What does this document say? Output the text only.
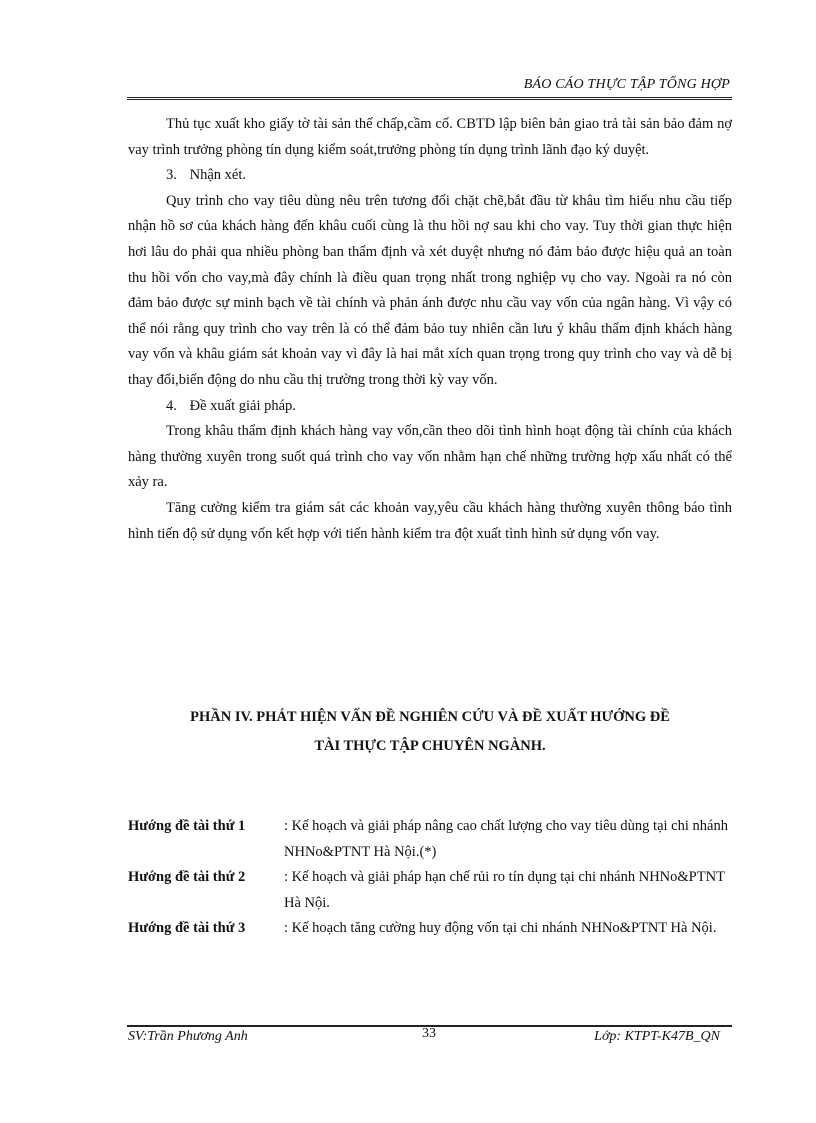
BÁO CÁO THỰC TẬP TỔNG HỢP

Thủ tục xuất kho giấy tờ tài sản thế chấp,cầm cố. CBTD lập biên bản giao trả tài sản bảo đảm nợ vay trình trưởng phòng tín dụng kiểm soát,trưởng phòng tín dụng trình lãnh đạo ký duyệt.

3. Nhận xét.

Quy trình cho vay tiêu dùng nêu trên tương đối chặt chẽ,bắt đầu từ khâu tìm hiểu nhu cầu tiếp nhận hồ sơ của khách hàng đến khâu cuối cùng là thu hồi nợ sau khi cho vay. Tuy thời gian thực hiện hơi lâu do phải qua nhiều phòng ban thẩm định và xét duyệt nhưng nó đảm bảo được hiệu quả an toàn thu hồi vốn cho vay,mà đây chính là điều quan trọng nhất trong nghiệp vụ cho vay. Ngoài ra nó còn đảm bảo được sự minh bạch về tài chính và phản ánh được nhu cầu vay vốn của ngân hàng. Vì vậy có thể nói rằng quy trình cho vay trên là có thể đảm bảo tuy nhiên cần lưu ý khâu thẩm định khách hàng vay vốn và khâu giám sát khoản vay vì đây là hai mắt xích quan trọng trong quy trình cho vay và dễ bị thay đổi,biến động do nhu cầu thị trường trong thời kỳ vay vốn.

4. Đề xuất giải pháp.

Trong khâu thẩm định khách hàng vay vốn,cần theo dõi tình hình hoạt động tài chính của khách hàng thường xuyên trong suốt quá trình cho vay vốn nhằm hạn chế những trường hợp xấu nhất có thể xảy ra.

Tăng cường kiểm tra giám sát các khoản vay,yêu cầu khách hàng thường xuyên thông báo tình hình tiến độ sử dụng vốn kết hợp với tiến hành kiểm tra đột xuất tình hình sử dụng vốn vay.

PHẦN IV. PHÁT HIỆN VẤN ĐỀ NGHIÊN CỨU VÀ ĐỀ XUẤT HƯỚNG ĐỀ
TÀI THỰC TẬP CHUYÊN NGÀNH.
Hướng đề tài thứ 1	: Kế hoạch và giải pháp nâng cao chất lượng cho vay tiêu dùng tại chi nhánh NHNo&PTNT Hà Nội.(*)
Hướng đề tài thứ 2	: Kế hoạch và giải pháp hạn chế rủi ro tín dụng tại chi nhánh NHNo&PTNT Hà Nội.
Hướng đề tài thứ 3	: Kế hoạch tăng cường huy động vốn tại chi nhánh NHNo&PTNT Hà Nội.
SV:Trần Phương Anh	33	Lớp: KTPT-K47B_QN
